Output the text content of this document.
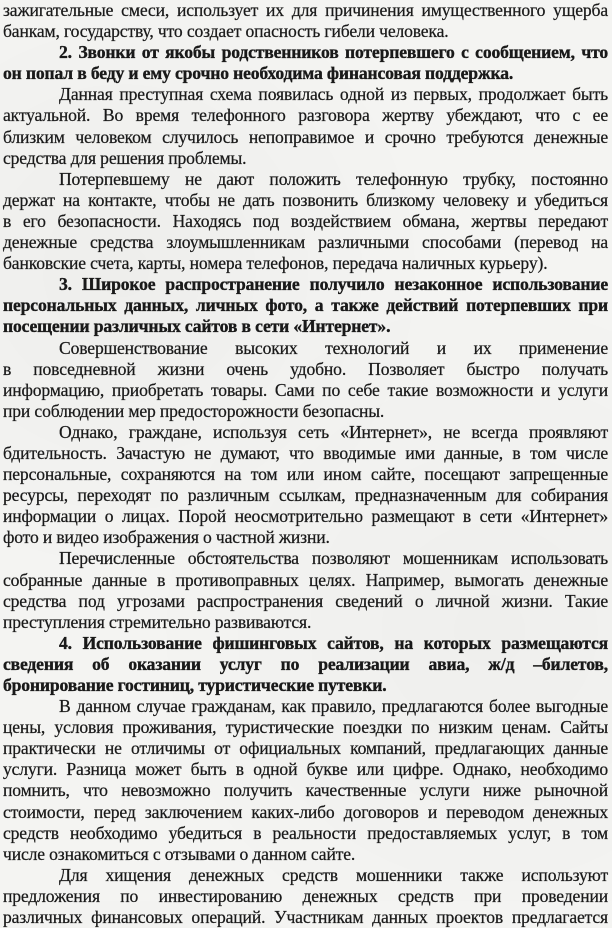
зажигательные смеси, использует их для причинения имущественного ущерба
банкам, государству, что создает опасность гибели человека.
2. Звонки от якобы родственников потерпевшего с сообщением, что
он попал в беду и ему срочно необходима финансовая поддержка.
Данная преступная схема появилась одной из первых, продолжает быть
актуальной. Во время телефонного разговора жертву убеждают, что с ее
близким человеком случилось непоправимое и срочно требуются денежные
средства для решения проблемы.
Потерпевшему не дают положить телефонную трубку, постоянно
держат на контакте, чтобы не дать позвонить близкому человеку и убедиться
в его безопасности. Находясь под воздействием обмана, жертвы передают
денежные средства злоумышленникам различными способами (перевод на
банковские счета, карты, номера телефонов, передача наличных курьеру).
3. Широкое распространение получило незаконное использование
персональных данных, личных фото, а также действий потерпевших при
посещении различных сайтов в сети «Интернет».
Совершенствование высоких технологий и их применение
в повседневной жизни очень удобно. Позволяет быстро получать
информацию, приобретать товары. Сами по себе такие возможности и услуги
при соблюдении мер предосторожности безопасны.
Однако, граждане, используя сеть «Интернет», не всегда проявляют
бдительность. Зачастую не думают, что вводимые ими данные, в том числе
персональные, сохраняются на том или ином сайте, посещают запрещенные
ресурсы, переходят по различным ссылкам, предназначенным для собирания
информации о лицах. Порой неосмотрительно размещают в сети «Интернет»
фото и видео изображения о частной жизни.
Перечисленные обстоятельства позволяют мошенникам использовать
собранные данные в противоправных целях. Например, вымогать денежные
средства под угрозами распространения сведений о личной жизни. Такие
преступления стремительно развиваются.
4. Использование фишинговых сайтов, на которых размещаются
сведения об оказании услуг по реализации авиа, ж/д –билетов,
бронирование гостиниц, туристические путевки.
В данном случае гражданам, как правило, предлагаются более выгодные
цены, условия проживания, туристические поездки по низким ценам. Сайты
практически не отличимы от официальных компаний, предлагающих данные
услуги. Разница может быть в одной букве или цифре. Однако, необходимо
помнить, что невозможно получить качественные услуги ниже рыночной
стоимости, перед заключением каких-либо договоров и переводом денежных
средств необходимо убедиться в реальности предоставляемых услуг, в том
числе ознакомиться с отзывами о данном сайте.
Для хищения денежных средств мошенники также используют
предложения по инвестированию денежных средств при проведении
различных финансовых операций. Участникам данных проектов предлагается
